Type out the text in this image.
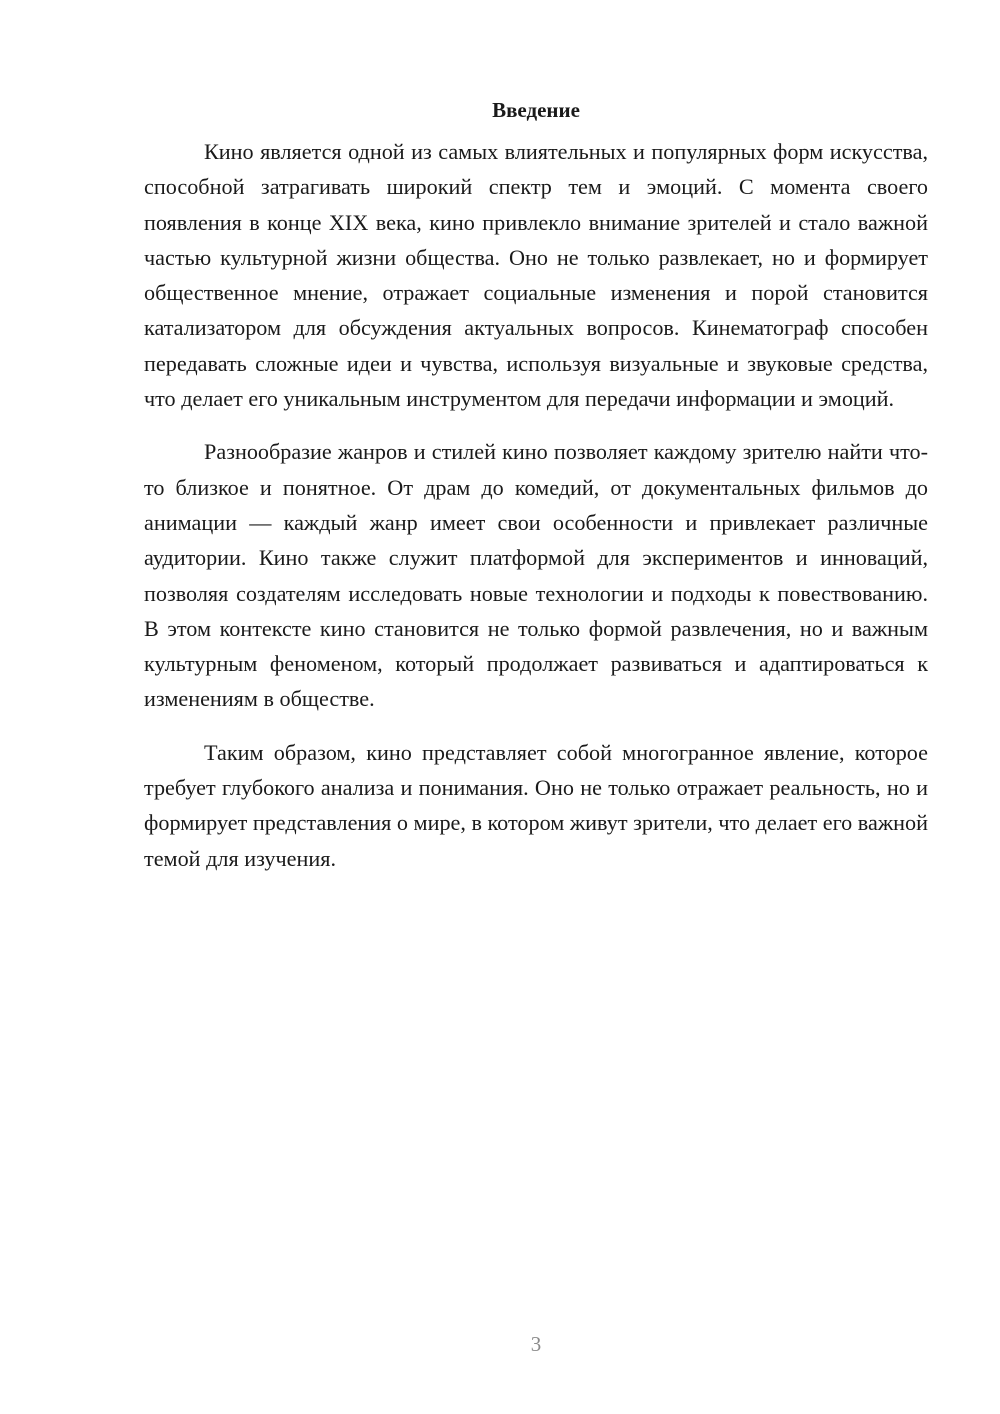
Введение

Кино является одной из самых влиятельных и популярных форм искусства, способной затрагивать широкий спектр тем и эмоций. С момента своего появления в конце XIX века, кино привлекло внимание зрителей и стало важной частью культурной жизни общества. Оно не только развлекает, но и формирует общественное мнение, отражает социальные изменения и порой становится катализатором для обсуждения актуальных вопросов. Кинематограф способен передавать сложные идеи и чувства, используя визуальные и звуковые средства, что делает его уникальным инструментом для передачи информации и эмоций.

Разнообразие жанров и стилей кино позволяет каждому зрителю найти что-то близкое и понятное. От драм до комедий, от документальных фильмов до анимации — каждый жанр имеет свои особенности и привлекает различные аудитории. Кино также служит платформой для экспериментов и инноваций, позволяя создателям исследовать новые технологии и подходы к повествованию. В этом контексте кино становится не только формой развлечения, но и важным культурным феноменом, который продолжает развиваться и адаптироваться к изменениям в обществе.

Таким образом, кино представляет собой многогранное явление, которое требует глубокого анализа и понимания. Оно не только отражает реальность, но и формирует представления о мире, в котором живут зрители, что делает его важной темой для изучения.

3
